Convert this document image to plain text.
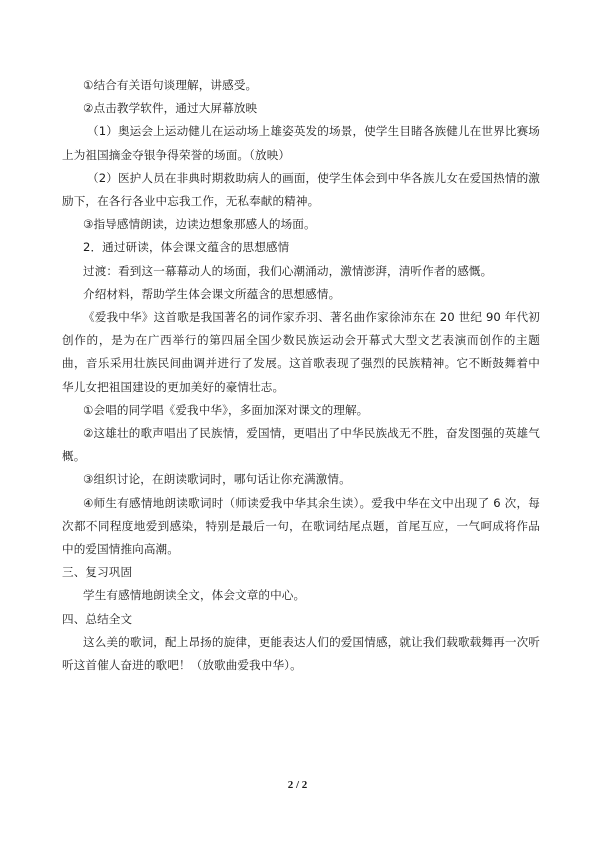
①结合有关语句谈理解，讲感受。
②点击教学软件，通过大屏幕放映
（1）奥运会上运动健儿在运动场上雄姿英发的场景，使学生目睹各族健儿在世界比赛场上为祖国摘金夺银争得荣誉的场面。（放映）
（2）医护人员在非典时期救助病人的画面，使学生体会到中华各族儿女在爱国热情的激励下，在各行各业中忘我工作，无私奉献的精神。
③指导感情朗读，边读边想象那感人的场面。
2．通过研读，体会课文蕴含的思想感情
过渡：看到这一幕幕动人的场面，我们心潮涌动，激情澎湃，清听作者的感慨。
介绍材料，帮助学生体会课文所蕴含的思想感情。
《爱我中华》这首歌是我国著名的词作家乔羽、著名曲作家徐沛东在 20 世纪 90 年代初创作的，是为在广西举行的第四届全国少数民族运动会开幕式大型文艺表演而创作的主题曲，音乐采用壮族民间曲调并进行了发展。这首歌表现了强烈的民族精神。它不断鼓舞着中华儿女把祖国建设的更加美好的豪情壮志。
①会唱的同学唱《爱我中华》，多面加深对课文的理解。
②这雄壮的歌声唱出了民族情，爱国情，更唱出了中华民族战无不胜，奋发图强的英雄气概。
③组织讨论，在朗读歌词时，哪句话让你充满激情。
④师生有感情地朗读歌词时（师读爱我中华其余生读）。爱我中华在文中出现了 6 次，每次都不同程度地爱到感染，特别是最后一句，在歌词结尾点题，首尾互应，一气呵成将作品中的爱国情推向高潮。
三、复习巩固
学生有感情地朗读全文，体会文章的中心。
四、总结全文
这么美的歌词，配上昂扬的旋律，更能表达人们的爱国情感，就让我们载歌载舞再一次听听这首催人奋进的歌吧！（放歌曲爱我中华）。
2 / 2
